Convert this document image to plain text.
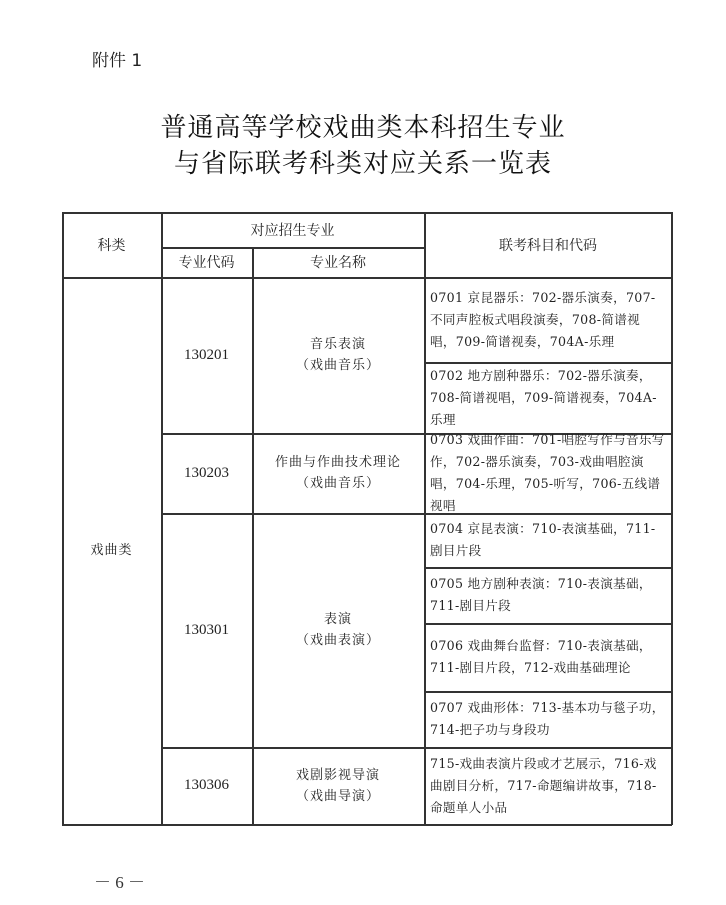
附件 1
普通高等学校戏曲类本科招生专业
与省际联考科类对应关系一览表
科类
对应招生专业
专业代码	专业名称
联考科目和代码
戏曲类
130201
音乐表演
（戏曲音乐）
130203
作曲与作曲技术理论
（戏曲音乐）
130301
表演
（戏曲表演）
130306
戏剧影视导演
（戏曲导演）
0701 京昆器乐：702-器乐演奏，707-不同声腔板式唱段演奏，708-简谱视唱，709-简谱视奏，704A-乐理
0702 地方剧种器乐：702-器乐演奏，708-简谱视唱，709-简谱视奏，704A-乐理
0703 戏曲作曲：701-唱腔写作与音乐写作，702-器乐演奏，703-戏曲唱腔演唱，704-乐理，705-听写，706-五线谱视唱
0704 京昆表演：710-表演基础，711-剧目片段
0705 地方剧种表演：710-表演基础，711-剧目片段
0706 戏曲舞台监督：710-表演基础，711-剧目片段，712-戏曲基础理论
0707 戏曲形体：713-基本功与毯子功，714-把子功与身段功
715-戏曲表演片段或才艺展示，716-戏曲剧目分析，717-命题编讲故事，718-命题单人小品
－ 6 －
